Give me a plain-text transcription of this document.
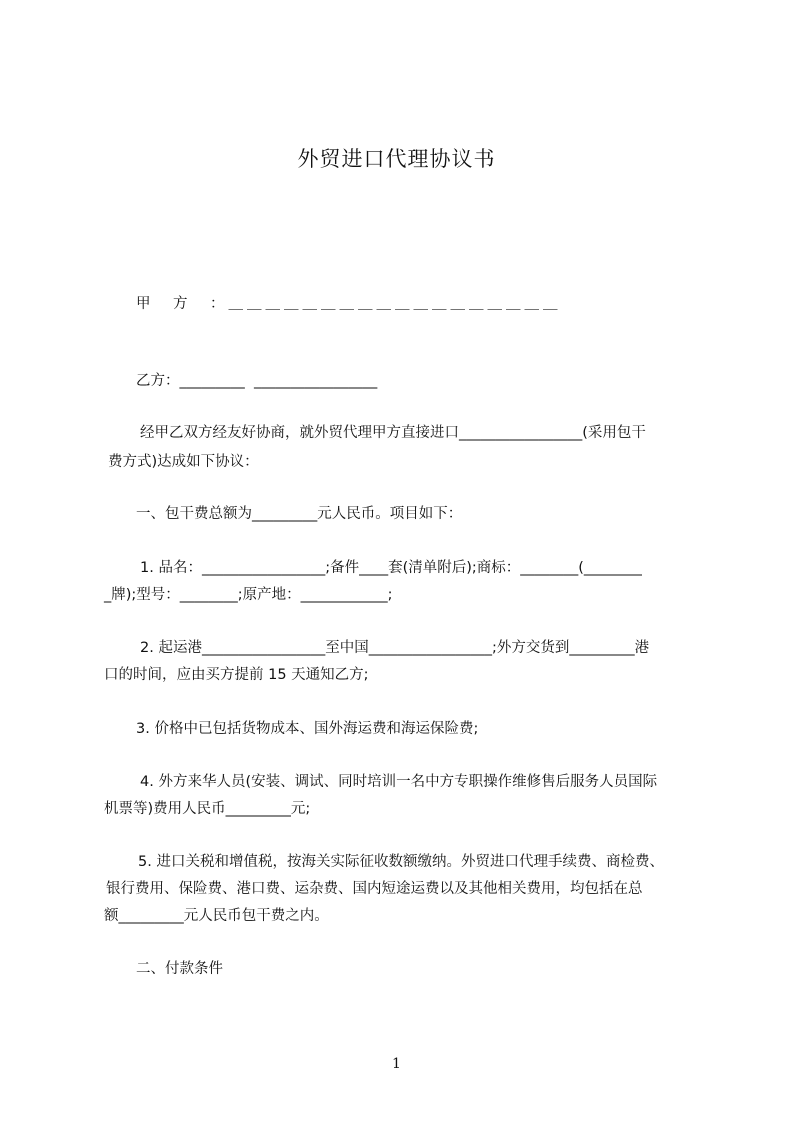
外贸进口代理协议书
甲　方　：＿＿＿＿＿＿＿＿＿＿＿＿＿＿＿＿＿＿

乙方：_________  _________________

经甲乙双方经友好协商，就外贸代理甲方直接进口_________________(采用包干

费方式)达成如下协议：

一、包干费总额为_________元人民币。项目如下：

1. 品名：_________________;备件____套(清单附后);商标：________(________

_牌);型号：________;原产地：____________;

2. 起运港_________________至中国_________________;外方交货到_________港

口的时间，应由买方提前 15 天通知乙方;

3. 价格中已包括货物成本、国外海运费和海运保险费;

4. 外方来华人员(安装、调试、同时培训一名中方专职操作维修售后服务人员国际

机票等)费用人民币_________元;

5. 进口关税和增值税，按海关实际征收数额缴纳。外贸进口代理手续费、商检费、

银行费用、保险费、港口费、运杂费、国内短途运费以及其他相关费用，均包括在总

额_________元人民币包干费之内。

二、付款条件

1
